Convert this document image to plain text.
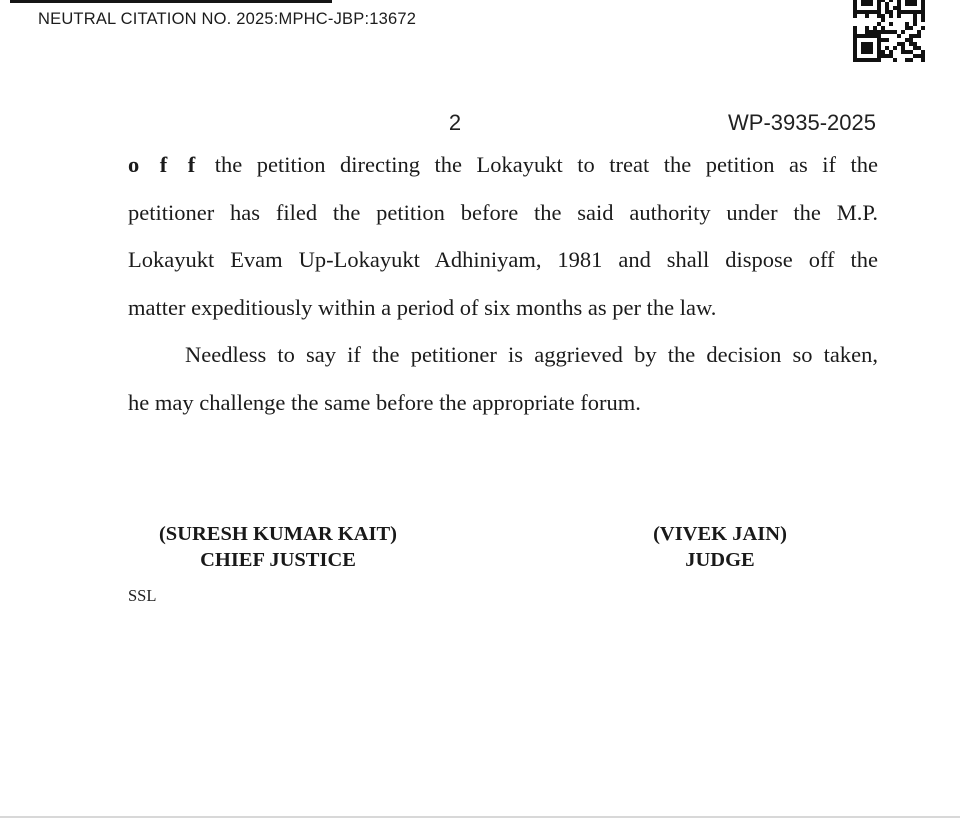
NEUTRAL CITATION NO. 2025:MPHC-JBP:13672
2	WP-3935-2025
o f f the petition directing the Lokayukt to treat the petition as if the
petitioner has filed the petition before the said authority under the M.P.
Lokayukt Evam Up-Lokayukt Adhiniyam, 1981 and shall dispose off the
matter expeditiously within a period of six months as per the law.
Needless to say if the petitioner is aggrieved by the decision so taken,
he may challenge the same before the appropriate forum.
(SURESH KUMAR KAIT)
CHIEF JUSTICE
(VIVEK JAIN)
JUDGE
SSL
